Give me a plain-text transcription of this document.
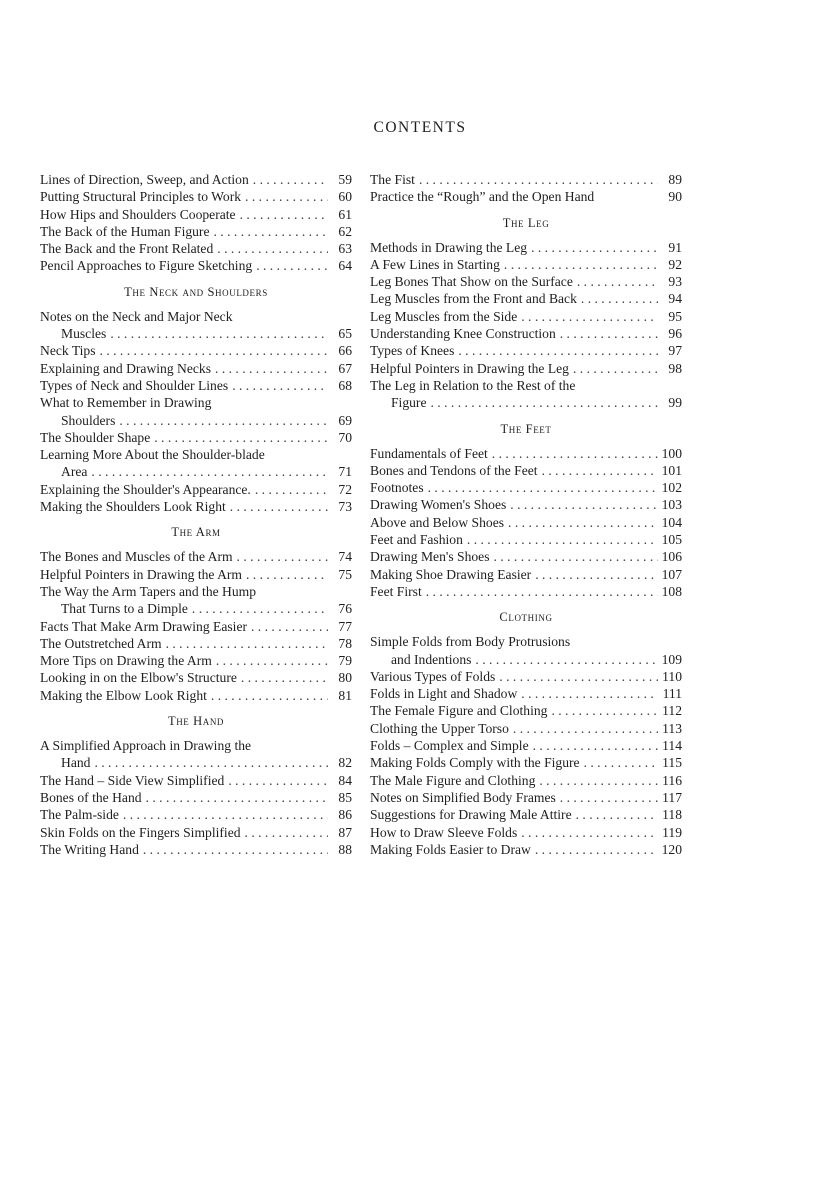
CONTENTS
Lines of Direction, Sweep, and Action . . .	59
Putting Structural Principles to Work . . .	60
How Hips and Shoulders Cooperate . . .	61
The Back of the Human Figure . . .	62
The Back and the Front Related . . .	63
Pencil Approaches to Figure Sketching . . .	64
The Neck and Shoulders
Notes on the Neck and Major Neck
Muscles . . .	65
Neck Tips . . .	66
Explaining and Drawing Necks . . .	67
Types of Neck and Shoulder Lines . . .	68
What to Remember in Drawing
Shoulders . . .	69
The Shoulder Shape . . .	70
Learning More About the Shoulder-blade
Area . . .	71
Explaining the Shoulder's Appearance. . . .	72
Making the Shoulders Look Right . . .	73
The Arm
The Bones and Muscles of the Arm . . .	74
Helpful Pointers in Drawing the Arm . . .	75
The Way the Arm Tapers and the Hump
That Turns to a Dimple . . .	76
Facts That Make Arm Drawing Easier . . .	77
The Outstretched Arm . . .	78
More Tips on Drawing the Arm . . .	79
Looking in on the Elbow's Structure . . .	80
Making the Elbow Look Right . . .	81
The Hand
A Simplified Approach in Drawing the
Hand . . .	82
The Hand – Side View Simplified . . .	84
Bones of the Hand . . .	85
The Palm-side . . .	86
Skin Folds on the Fingers Simplified . . .	87
The Writing Hand . . .	88
The Fist . . .	89
Practice the “Rough” and the Open Hand	90
The Leg
Methods in Drawing the Leg . . .	91
A Few Lines in Starting . . .	92
Leg Bones That Show on the Surface . . .	93
Leg Muscles from the Front and Back . . .	94
Leg Muscles from the Side . . .	95
Understanding Knee Construction . . .	96
Types of Knees . . .	97
Helpful Pointers in Drawing the Leg . . .	98
The Leg in Relation to the Rest of the
Figure . . .	99
The Feet
Fundamentals of Feet . . .	100
Bones and Tendons of the Feet . . .	101
Footnotes . . .	102
Drawing Women's Shoes . . .	103
Above and Below Shoes . . .	104
Feet and Fashion . . .	105
Drawing Men's Shoes . . .	106
Making Shoe Drawing Easier . . .	107
Feet First . . .	108
Clothing
Simple Folds from Body Protrusions
and Indentions . . .	109
Various Types of Folds . . .	110
Folds in Light and Shadow . . .	111
The Female Figure and Clothing . . .	112
Clothing the Upper Torso . . .	113
Folds – Complex and Simple . . .	114
Making Folds Comply with the Figure . . .	115
The Male Figure and Clothing . . .	116
Notes on Simplified Body Frames . . .	117
Suggestions for Drawing Male Attire . . .	118
How to Draw Sleeve Folds . . .	119
Making Folds Easier to Draw . . .	120
